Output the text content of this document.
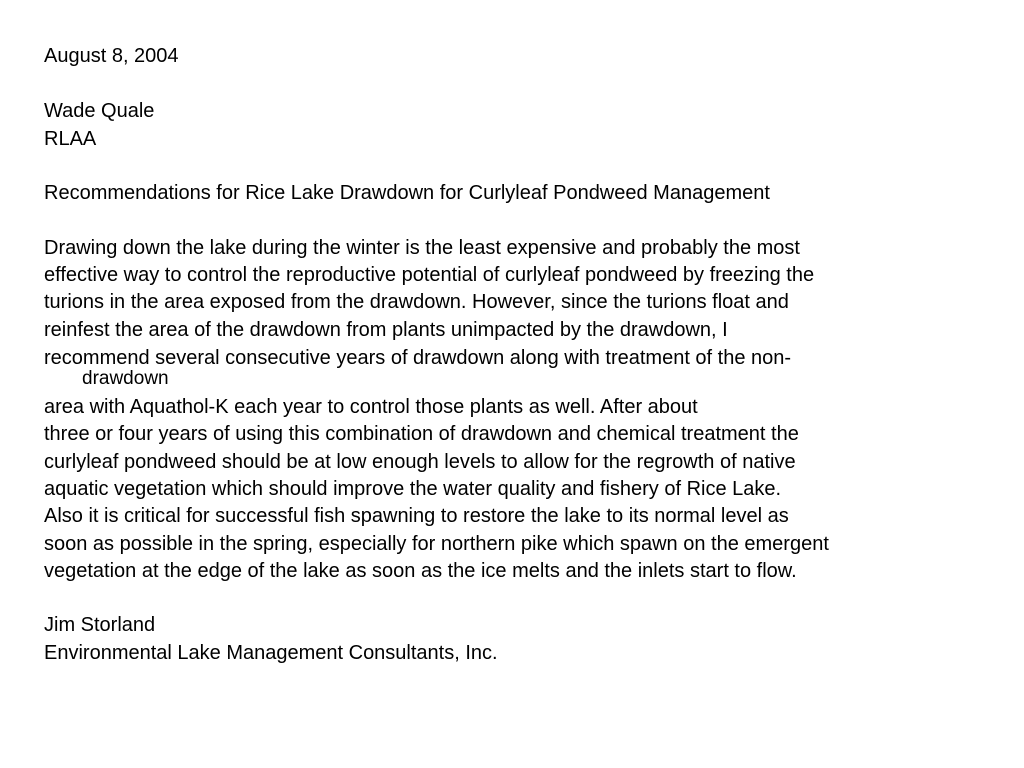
August 8, 2004
Wade Quale
RLAA
Recommendations for Rice Lake Drawdown for Curlyleaf Pondweed Management
Drawing down the lake during the winter is the least expensive and probably the most
effective way to control the reproductive potential of curlyleaf pondweed by freezing the
turions in the area exposed from the drawdown. However, since the turions float and
reinfest the area of the drawdown from plants unimpacted by the drawdown, I
recommend several consecutive years of drawdown along with treatment of the non-
drawdown
area with Aquathol-K each year to control those plants as well. After about
three or four years of using this combination of drawdown and chemical treatment the
curlyleaf pondweed should be at low enough levels to allow for the regrowth of native
aquatic vegetation which should improve the water quality and fishery of Rice Lake.
Also it is critical for successful fish spawning to restore the lake to its normal level as
soon as possible in the spring, especially for northern pike which spawn on the emergent
vegetation at the edge of the lake as soon as the ice melts and the inlets start to flow.
Jim Storland
Environmental Lake Management Consultants, Inc.
